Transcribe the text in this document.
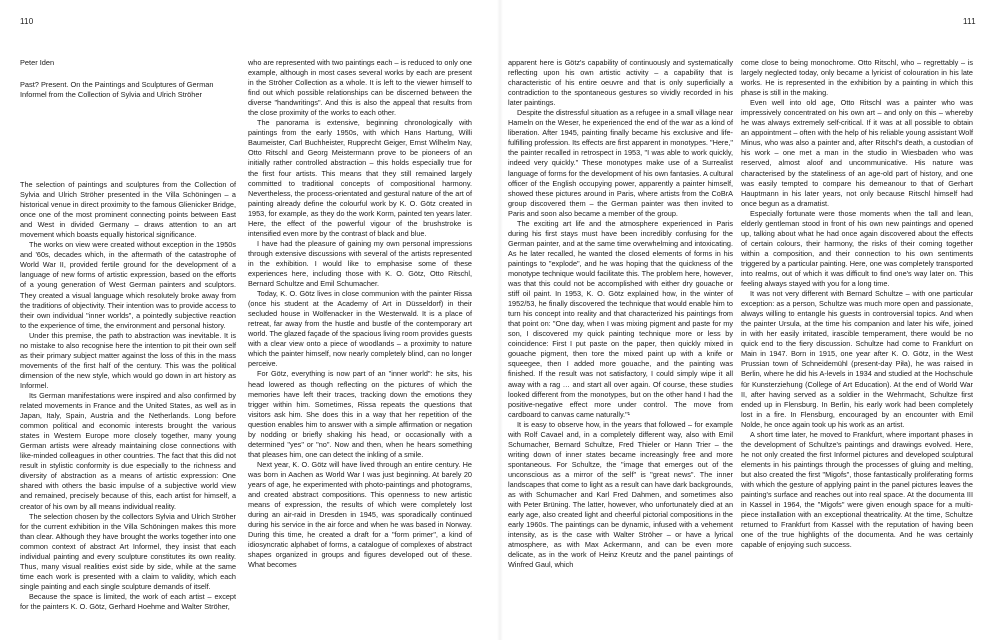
110	111

Peter Iden

Past? Present. On the Paintings and Sculptures of German Informel from the Collection of Sylvia and Ulrich Ströher

The selection of paintings and sculptures from the Collection of Sylvia and Ulrich Ströher presented in the Villa Schöningen – a historical venue in direct proximity to the famous Glienicker Bridge, once one of the most prominent connecting points between East and West in divided Germany – draws attention to an art movement which boasts equally historical significance.

The works on view were created without exception in the 1950s and '60s, decades which, in the aftermath of the catastrophe of World War II, provided fertile ground for the development of a language of new forms of artistic expression, based on the efforts of a young generation of West German painters and sculptors. They created a visual language which resolutely broke away from the traditions of objectivity. Their intention was to provide access to their own individual "inner worlds", a pointedly subjective reaction to the experience of time, the environment and personal history.

Under this premise, the path to abstraction was inevitable. It is no mistake to also recognise here the intention to pit their own self as their primary subject matter against the loss of this in the mass movements of the first half of the century. This was the political dimension of the new style, which would go down in art history as Informel.

Its German manifestations were inspired and also confirmed by related movements in France and the United States, as well as in Japan, Italy, Spain, Austria and the Netherlands. Long before common political and economic interests brought the various states in Western Europe more closely together, many young German artists were already maintaining close connections with like-minded colleagues in other countries. The fact that this did not result in stylistic conformity is due especially to the richness and diversity of abstraction as a means of artistic expression: One shared with others the basic impulse of a subjective world view and remained, precisely because of this, each artist for himself, a creator of his own by all means individual reality.

The selection chosen by the collectors Sylvia and Ulrich Ströher for the current exhibition in the Villa Schöningen makes this more than clear. Although they have brought the works together into one common context of abstract Art Informel, they insist that each individual painting and every sculpture constitutes its own reality. Thus, many visual realities exist side by side, while at the same time each work is presented with a claim to validity, which each single painting and each single sculpture demands of itself.

Because the space is limited, the work of each artist – except for the painters K. O. Götz, Gerhard Hoehme and Walter Ströher,

who are represented with two paintings each – is reduced to only one example, although in most cases several works by each are present in the Ströher Collection as a whole. It is left to the viewer himself to find out which possible relationships can be discerned between the diverse "handwritings". And this is also the appeal that results from the close proximity of the works to each other.

The panorama is extensive, beginning chronologically with paintings from the early 1950s, with which Hans Hartung, Willi Baumeister, Carl Buchheister, Rupprecht Geiger, Ernst Wilhelm Nay, Otto Ritschl and Georg Meistermann prove to be pioneers of an initially rather controlled abstraction – this holds especially true for the first four artists. This means that they still remained largely committed to traditional concepts of compositional harmony. Nevertheless, the process-orientated and gestural nature of the art of painting already define the colourful work by K. O. Götz created in 1953, for example, as they do the work Korm, painted ten years later. Here, the effect of the powerful vigour of the brushstroke is intensified even more by the contrast of black and blue.

I have had the pleasure of gaining my own personal impressions through extensive discussions with several of the artists represented in the exhibition. I would like to emphasise some of these experiences here, including those with K. O. Götz, Otto Ritschl, Bernard Schultze and Emil Schumacher.

Today, K. O. Götz lives in close communion with the painter Rissa (once his student at the Academy of Art in Düsseldorf) in their secluded house in Wolfenacker in the Westerwald. It is a place of retreat, far away from the hustle and bustle of the contemporary art world. The glazed façade of the spacious living room provides guests with a clear view onto a piece of woodlands – a proximity to nature which the painter himself, now nearly completely blind, can no longer perceive.

For Götz, everything is now part of an "inner world": he sits, his head lowered as though reflecting on the pictures of which the memories have left their traces, tracking down the emotions they trigger within him. Sometimes, Rissa repeats the questions that visitors ask him. She does this in a way that her repetition of the question enables him to answer with a simple affirmation or negation by nodding or briefly shaking his head, or occasionally with a determined "yes" or "no". Now and then, when he hears something that pleases him, one can detect the inkling of a smile.

Next year, K. O. Götz will have lived through an entire century. He was born in Aachen as World War I was just beginning. At barely 20 years of age, he experimented with photo-paintings and photograms, and created abstract compositions. This openness to new artistic means of expression, the results of which were completely lost during an air-raid in Dresden in 1945, was sporadically continued during his service in the air force and when he was based in Norway. During this time, he created a draft for a "form primer", a kind of idiosyncratic alphabet of forms, a catalogue of complexes of abstract shapes organized in groups and figures developed out of these. What becomes

apparent here is Götz's capability of continuously and systematically reflecting upon his own artistic activity – a capability that is characteristic of his entire oeuvre and that is only superficially a contradiction to the spontaneous gestures so vividly recorded in his later paintings.

Despite the distressful situation as a refugee in a small village near Hameln on the Weser, he experienced the end of the war as a kind of liberation. After 1945, painting finally became his exclusive and life-fulfilling profession. Its effects are first apparent in monotypes. "Here," the painter recalled in retrospect in 1953, "I was able to work quickly, indeed very quickly." These monotypes make use of a Surrealist language of forms for the development of his own fantasies. A cultural officer of the English occupying power, apparently a painter himself, showed these pictures around in Paris, where artists from the CoBrA group discovered them – the German painter was then invited to Paris and soon also became a member of the group.

The exciting art life and the atmosphere experienced in Paris during his first stays must have been incredibly confusing for the German painter, and at the same time overwhelming and intoxicating. As he later recalled, he wanted the closed elements of forms in his paintings to "explode", and he was hoping that the quickness of the monotype technique would facilitate this. The problem here, however, was that this could not be accomplished with either dry gouache or stiff oil paint. In 1953, K. O. Götz explained how, in the winter of 1952/53, he finally discovered the technique that would enable him to turn his concept into reality and that characterized his paintings from that point on: "One day, when I was mixing pigment and paste for my son, I discovered my quick painting technique more or less by coincidence: First I put paste on the paper, then quickly mixed in gouache pigment, then tore the mixed paint up with a knife or squeegee, then I added more gouache, and the painting was finished. If the result was not satisfactory, I could simply wipe it all away with a rag … and start all over again. Of course, these studies looked different from the monotypes, but on the other hand I had the positive-negative effect more under control. The move from cardboard to canvas came naturally."¹

It is easy to observe how, in the years that followed – for example with Rolf Cavael and, in a completely different way, also with Emil Schumacher, Bernard Schultze, Fred Thieler or Hann Trier – the writing down of inner states became increasingly free and more spontaneous. For Schultze, the "image that emerges out of the unconscious as a mirror of the self" is "great news". The inner landscapes that come to light as a result can have dark backgrounds, as with Schumacher and Karl Fred Dahmen, and sometimes also with Peter Brüning. The latter, however, who unfortunately died at an early age, also created light and cheerful pictorial compositions in the early 1960s. The paintings can be dynamic, infused with a vehement intensity, as is the case with Walter Ströher – or have a lyrical atmosphere, as with Max Ackermann, and can be even more delicate, as in the work of Heinz Kreutz and the panel paintings of Winfred Gaul, which

come close to being monochrome. Otto Ritschl, who – regrettably – is largely neglected today, only became a lyricist of colouration in his late works. He is represented in the exhibition by a painting in which this phase is still in the making.

Even well into old age, Otto Ritschl was a painter who was impressively concentrated on his own art – and only on this – whereby he was always extremely self-critical. If it was at all possible to obtain an appointment – often with the help of his reliable young assistant Wolf Minus, who was also a painter and, after Ritschl's death, a custodian of his work – one met a man in the studio in Wiesbaden who was reserved, almost aloof and uncommunicative. His nature was characterised by the stateliness of an age-old part of history, and one was easily tempted to compare his demeanour to that of Gerhart Hauptmann in his later years, not only because Ritschl himself had once begun as a dramatist.

Especially fortunate were those moments when the tall and lean, elderly gentleman stood in front of his own new paintings and opened up, talking about what he had once again discovered about the effects of certain colours, their harmony, the risks of their coming together within a composition, and their connection to his own sentiments triggered by a particular painting. Here, one was completely transported into realms, out of which it was difficult to find one's way later on. This feeling always stayed with you for a long time.

It was not very different with Bernard Schultze – with one particular exception: as a person, Schultze was much more open and passionate, always willing to entangle his guests in controversial topics. And when the painter Ursula, at the time his companion and later his wife, joined in with her easily irritated, irascible temperament, there would be no quick end to the fiery discussion. Schultze had come to Frankfurt on Main in 1947. Born in 1915, one year after K. O. Götz, in the West Prussian town of Schneidemühl (present-day Piła), he was raised in Berlin, where he did his A-levels in 1934 and studied at the Hochschule für Kunsterziehung (College of Art Education). At the end of World War II, after having served as a soldier in the Wehrmacht, Schultze first ended up in Flensburg. In Berlin, his early work had been completely lost in a fire. In Flensburg, encouraged by an encounter with Emil Nolde, he once again took up his work as an artist.

A short time later, he moved to Frankfurt, where important phases in the development of Schultze's paintings and drawings evolved. Here, he not only created the first Informel pictures and developed sculptural elements in his paintings through the processes of gluing and melting, but also created the first "Migofs", those fantastically proliferating forms with which the gesture of applying paint in the panel pictures leaves the painting's surface and reaches out into real space. At the documenta III in Kassel in 1964, the "Migofs" were given enough space for a multi-piece installation with an exceptional theatricality. At the time, Schultze returned to Frankfurt from Kassel with the reputation of having been one of the true highlights of the documenta. And he was certainly capable of enjoying such success.
